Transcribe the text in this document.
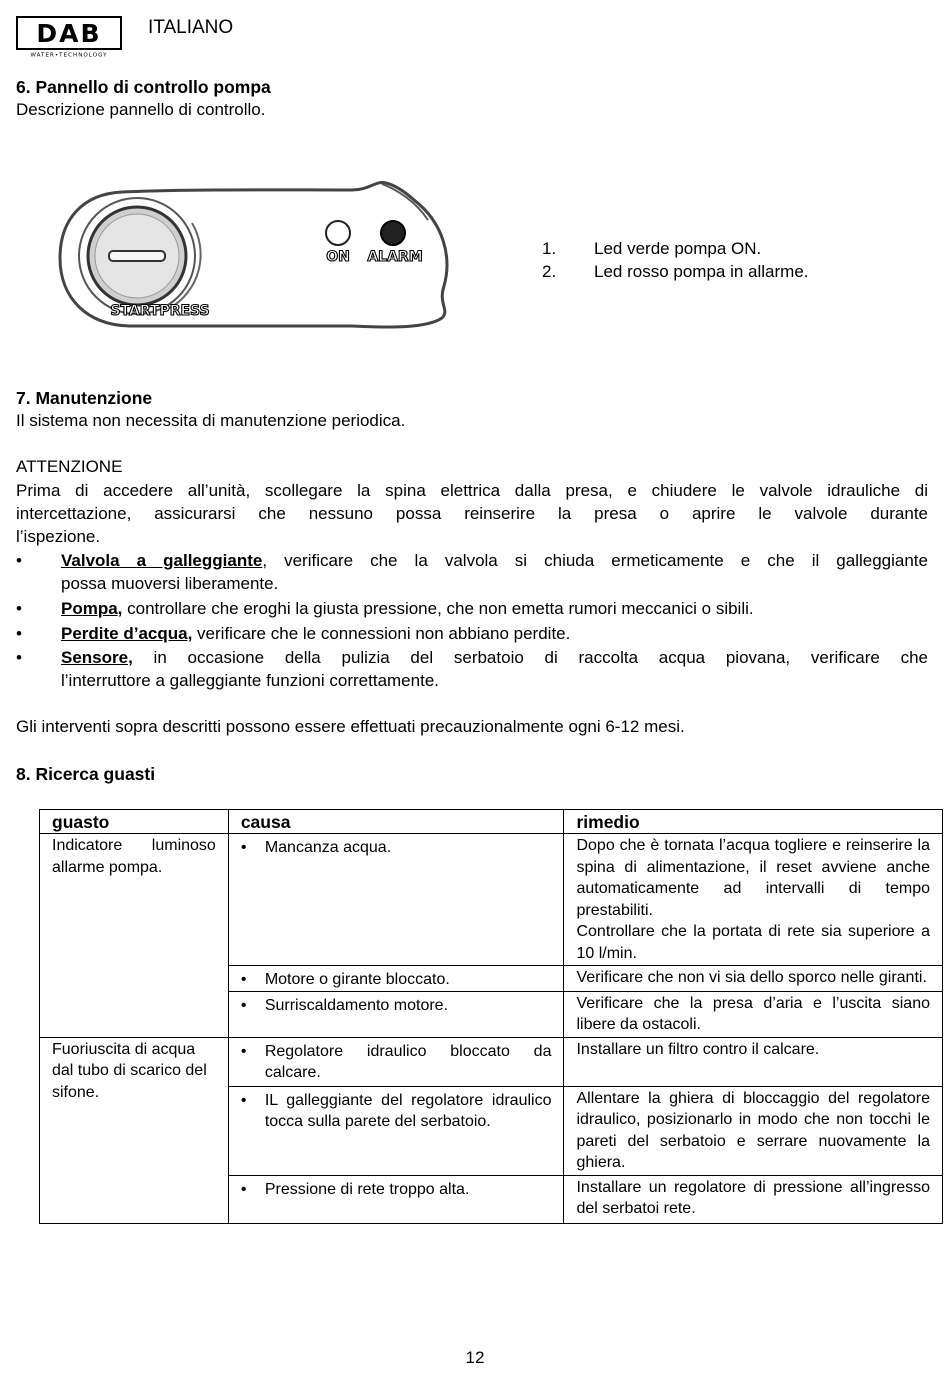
DAB
WATER•TECHNOLOGY
ITALIANO
6. Pannello di controllo pompa
Descrizione pannello di controllo.
STARTPRESS
ON ALARM	1. Led verde pompa ON.
2. Led rosso pompa in allarme.
7. Manutenzione
Il sistema non necessita di manutenzione periodica.
ATTENZIONE
Prima di accedere all’unità, scollegare la spina elettrica dalla presa, e chiudere le valvole idrauliche di
intercettazione, assicurarsi che nessuno possa reinserire la presa o aprire le valvole durante
l’ispezione.
• Valvola a galleggiante, verificare che la valvola si chiuda ermeticamente e che il galleggiante
possa muoversi liberamente.
• Pompa, controllare che eroghi la giusta pressione, che non emetta rumori meccanici o sibili.
• Perdite d’acqua, verificare che le connessioni non abbiano perdite.
• Sensore, in occasione della pulizia del serbatoio di raccolta acqua piovana, verificare che
l’interruttore a galleggiante funzioni correttamente.
Gli interventi sopra descritti possono essere effettuati precauzionalmente ogni 6-12 mesi.
8. Ricerca guasti
guasto	causa	rimedio
Indicatore luminoso allarme pompa.	• Mancanza acqua.	Dopo che è tornata l’acqua togliere e reinserire la spina di alimentazione, il reset avviene anche automaticamente ad intervalli di tempo prestabiliti.
Controllare che la portata di rete sia superiore a 10 l/min.

	• Motore o girante bloccato.	Verificare che non vi sia dello sporco nelle giranti.

	• Surriscaldamento motore.	Verificare che la presa d’aria e l’uscita siano libere da ostacoli.
Fuoriuscita di acqua dal tubo di scarico del sifone.	• Regolatore idraulico bloccato da calcare.	Installare un filtro contro il calcare.

	• IL galleggiante del regolatore idraulico tocca sulla parete del serbatoio.	Allentare la ghiera di bloccaggio del regolatore idraulico, posizionarlo in modo che non tocchi le pareti del serbatoio e serrare nuovamente la ghiera.

	• Pressione di rete troppo alta.	Installare un regolatore di pressione all’ingresso del serbatoi rete.
12
